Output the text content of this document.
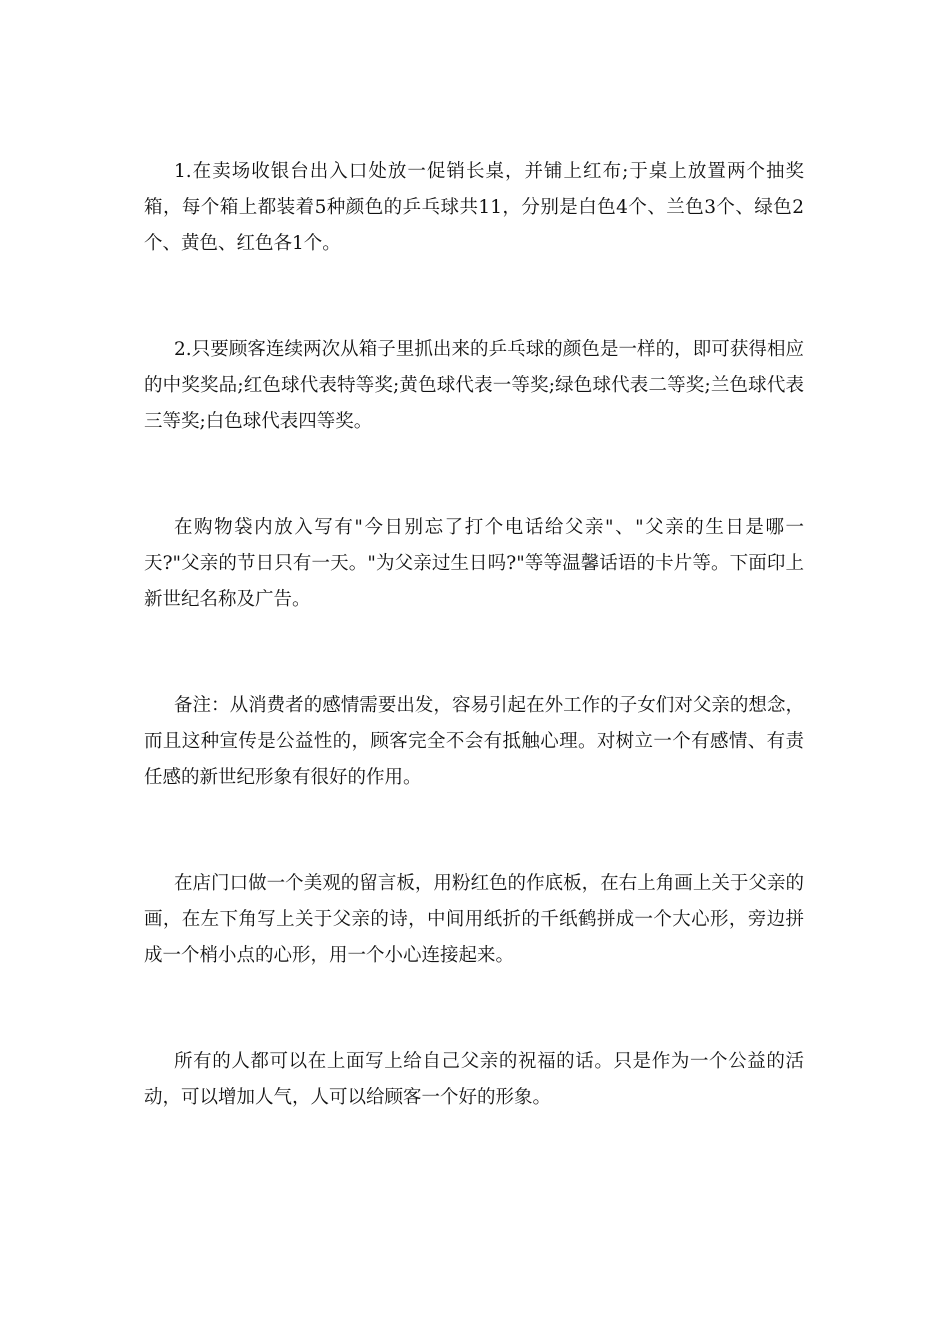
1.在卖场收银台出入口处放一促销长桌，并铺上红布;于桌上放置两个抽奖箱，每个箱上都装着5种颜色的乒乓球共11，分别是白色4个、兰色3个、绿色2个、黄色、红色各1个。

2.只要顾客连续两次从箱子里抓出来的乒乓球的颜色是一样的，即可获得相应的中奖奖品;红色球代表特等奖;黄色球代表一等奖;绿色球代表二等奖;兰色球代表三等奖;白色球代表四等奖。

在购物袋内放入写有"今日别忘了打个电话给父亲"、"父亲的生日是哪一天?"父亲的节日只有一天。"为父亲过生日吗?"等等温馨话语的卡片等。下面印上新世纪名称及广告。

备注：从消费者的感情需要出发，容易引起在外工作的子女们对父亲的想念，而且这种宣传是公益性的，顾客完全不会有抵触心理。对树立一个有感情、有责任感的新世纪形象有很好的作用。

在店门口做一个美观的留言板，用粉红色的作底板，在右上角画上关于父亲的画，在左下角写上关于父亲的诗，中间用纸折的千纸鹤拼成一个大心形，旁边拼成一个梢小点的心形，用一个小心连接起来。

所有的人都可以在上面写上给自己父亲的祝福的话。只是作为一个公益的活动，可以增加人气，人可以给顾客一个好的形象。
